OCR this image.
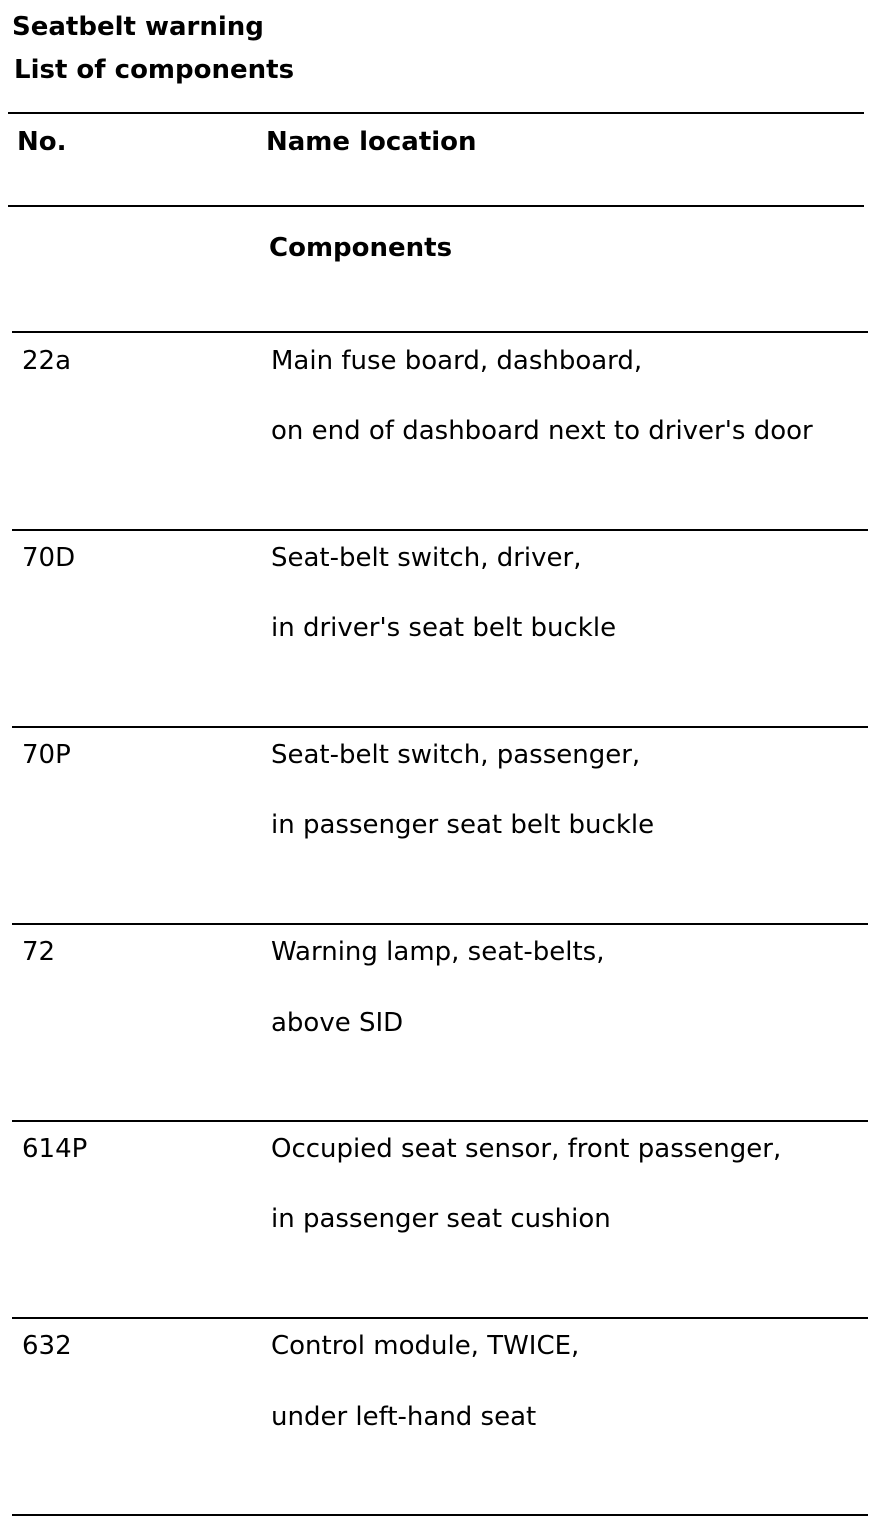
Seatbelt warning
List of components
No.	Name location
Components
22a	Main fuse board, dashboard,
on end of dashboard next to driver's door
70D	Seat-belt switch, driver,
in driver's seat belt buckle
70P	Seat-belt switch, passenger,
in passenger seat belt buckle
72	Warning lamp, seat-belts,
above SID
614P	Occupied seat sensor, front passenger,
in passenger seat cushion
632	Control module, TWICE,
under left-hand seat
